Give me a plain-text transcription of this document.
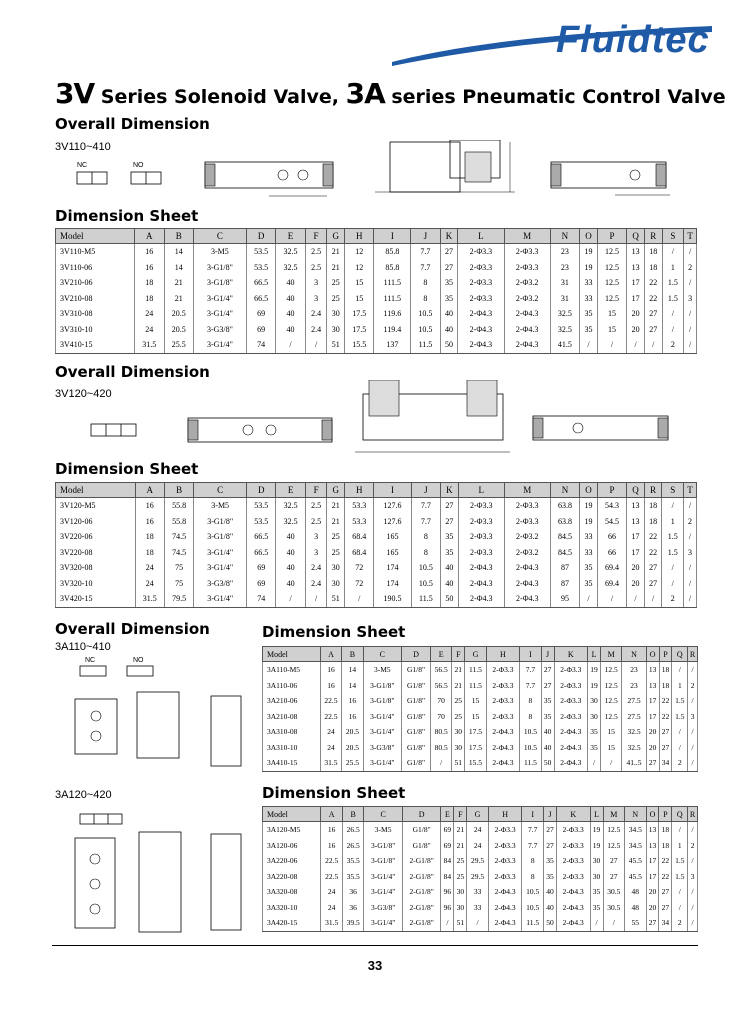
Fluidtec
3V Series Solenoid Valve, 3A series Pneumatic Control Valve
Overall Dimension
3V110~410
NC	NO
Dimension Sheet
Model	A	B	C	D	E	F	G	H	I	J	K	L	M	N	O	P	Q	R	S	T
3V110-M5	16	14	3-M5	53.5	32.5	2.5	21	12	85.8	7.7	27	2-Φ3.3	2-Φ3.3	23	19	12.5	13	18	/	/
3V110-06	16	14	3-G1/8"	53.5	32.5	2.5	21	12	85.8	7.7	27	2-Φ3.3	2-Φ3.3	23	19	12.5	13	18	1	2
3V210-06	18	21	3-G1/8"	66.5	40	3	25	15	111.5	8	35	2-Φ3.3	2-Φ3.2	31	33	12.5	17	22	1.5	/
3V210-08	18	21	3-G1/4"	66.5	40	3	25	15	111.5	8	35	2-Φ3.3	2-Φ3.2	31	33	12.5	17	22	1.5	3
3V310-08	24	20.5	3-G1/4"	69	40	2.4	30	17.5	119.6	10.5	40	2-Φ4.3	2-Φ4.3	32.5	35	15	20	27	/	/
3V310-10	24	20.5	3-G3/8"	69	40	2.4	30	17.5	119.4	10.5	40	2-Φ4.3	2-Φ4.3	32.5	35	15	20	27	/	/
3V410-15	31.5	25.5	3-G1/4"	74	/	/	51	15.5	137	11.5	50	2-Φ4.3	2-Φ4.3	41.5	/	/	/	/	2	/
Overall Dimension
3V120~420
Dimension Sheet
Model	A	B	C	D	E	F	G	H	I	J	K	L	M	N	O	P	Q	R	S	T
3V120-M5	16	55.8	3-M5	53.5	32.5	2.5	21	53.3	127.6	7.7	27	2-Φ3.3	2-Φ3.3	63.8	19	54.3	13	18	/	/
3V120-06	16	55.8	3-G1/8"	53.5	32.5	2.5	21	53.3	127.6	7.7	27	2-Φ3.3	2-Φ3.3	63.8	19	54.5	13	18	1	2
3V220-06	18	74.5	3-G1/8"	66.5	40	3	25	68.4	165	8	35	2-Φ3.3	2-Φ3.2	84.5	33	66	17	22	1.5	/
3V220-08	18	74.5	3-G1/4"	66.5	40	3	25	68.4	165	8	35	2-Φ3.3	2-Φ3.2	84.5	33	66	17	22	1.5	3
3V320-08	24	75	3-G1/4"	69	40	2.4	30	72	174	10.5	40	2-Φ4.3	2-Φ4.3	87	35	69.4	20	27	/	/
3V320-10	24	75	3-G3/8"	69	40	2.4	30	72	174	10.5	40	2-Φ4.3	2-Φ4.3	87	35	69.4	20	27	/	/
3V420-15	31.5	79.5	3-G1/4"	74	/	/	51	/	190.5	11.5	50	2-Φ4.3	2-Φ4.3	95	/	/	/	/	2	/
Overall Dimension
3A110~410
NC	NO
3A120~420
Dimension Sheet
Model	A	B	C	D	E	F	G	H	I	J	K	L	M	N	O	P	Q	R
3A110-M5	16	14	3-M5	G1/8"	56.5	21	11.5	2-Φ3.3	7.7	27	2-Φ3.3	19	12.5	23	13	18	/	/
3A110-06	16	14	3-G1/8"	G1/8"	56.5	21	11.5	2-Φ3.3	7.7	27	2-Φ3.3	19	12.5	23	13	18	1	2
3A210-06	22.5	16	3-G1/8"	G1/8"	70	25	15	2-Φ3.3	8	35	2-Φ3.3	30	12.5	27.5	17	22	1.5	/
3A210-08	22.5	16	3-G1/4"	G1/8"	70	25	15	2-Φ3.3	8	35	2-Φ3.3	30	12.5	27.5	17	22	1.5	3
3A310-08	24	20.5	3-G1/4"	G1/8"	80.5	30	17.5	2-Φ4.3	10.5	40	2-Φ4.3	35	15	32.5	20	27	/	/
3A310-10	24	20.5	3-G3/8"	G1/8"	80.5	30	17.5	2-Φ4.3	10.5	40	2-Φ4.3	35	15	32.5	20	27	/	/
3A410-15	31.5	25.5	3-G1/4"	G1/8"	/	51	15.5	2-Φ4.3	11.5	50	2-Φ4.3	/	/	41..5	27	34	2	/
Dimension Sheet
Model	A	B	C	D	E	F	G	H	I	J	K	L	M	N	O	P	Q	R
3A120-M5	16	26.5	3-M5	G1/8"	69	21	24	2-Φ3.3	7.7	27	2-Φ3.3	19	12.5	34.5	13	18	/	/
3A120-06	16	26.5	3-G1/8"	G1/8"	69	21	24	2-Φ3.3	7.7	27	2-Φ3.3	19	12.5	34.5	13	18	1	2
3A220-06	22.5	35.5	3-G1/8"	2-G1/8"	84	25	29.5	2-Φ3.3	8	35	2-Φ3.3	30	27	45.5	17	22	1.5	/
3A220-08	22.5	35.5	3-G1/4"	2-G1/8"	84	25	29.5	2-Φ3.3	8	35	2-Φ3.3	30	27	45.5	17	22	1.5	3
3A320-08	24	36	3-G1/4"	2-G1/8"	96	30	33	2-Φ4.3	10.5	40	2-Φ4.3	35	30.5	48	20	27	/	/
3A320-10	24	36	3-G3/8"	2-G1/8"	96	30	33	2-Φ4.3	10.5	40	2-Φ4.3	35	30.5	48	20	27	/	/
3A420-15	31.5	39.5	3-G1/4"	2-G1/8"	/	51	/	2-Φ4.3	11.5	50	2-Φ4.3	/	/	55	27	34	2	/
33
